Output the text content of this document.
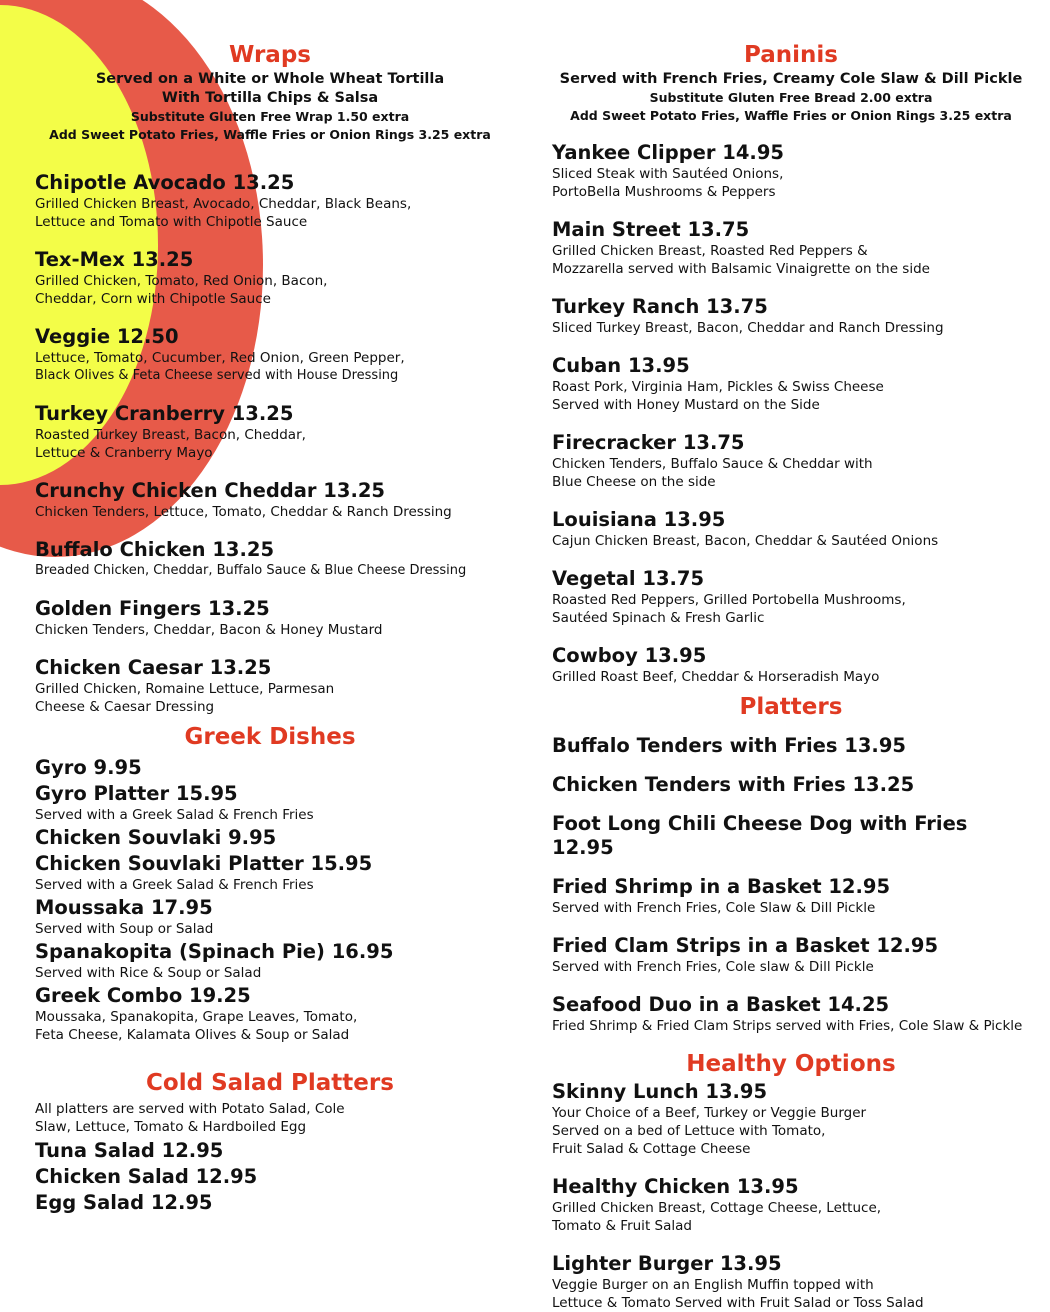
Wraps
Served on a White or Whole Wheat Tortilla
With Tortilla Chips & Salsa
Substitute Gluten Free Wrap 1.50 extra
Add Sweet Potato Fries, Waffle Fries or Onion Rings 3.25 extra
Chipotle Avocado 13.25
Grilled Chicken Breast, Avocado, Cheddar, Black Beans,
Lettuce and Tomato with Chipotle Sauce
Tex-Mex 13.25
Grilled Chicken, Tomato, Red Onion, Bacon,
Cheddar, Corn with Chipotle Sauce
Veggie 12.50
Lettuce, Tomato, Cucumber, Red Onion, Green Pepper,
Black Olives & Feta Cheese served with House Dressing
Turkey Cranberry 13.25
Roasted Turkey Breast, Bacon, Cheddar,
Lettuce & Cranberry Mayo
Crunchy Chicken Cheddar 13.25
Chicken Tenders, Lettuce, Tomato, Cheddar & Ranch Dressing
Buffalo Chicken 13.25
Breaded Chicken, Cheddar, Buffalo Sauce & Blue Cheese Dressing
Golden Fingers 13.25
Chicken Tenders, Cheddar, Bacon & Honey Mustard
Chicken Caesar 13.25
Grilled Chicken, Romaine Lettuce, Parmesan
Cheese & Caesar Dressing
Greek Dishes
Gyro 9.95
Gyro Platter 15.95
Served with a Greek Salad & French Fries
Chicken Souvlaki 9.95
Chicken Souvlaki Platter 15.95
Served with a Greek Salad & French Fries
Moussaka 17.95
Served with Soup or Salad
Spanakopita (Spinach Pie) 16.95
Served with Rice & Soup or Salad
Greek Combo 19.25
Moussaka, Spanakopita, Grape Leaves, Tomato,
Feta Cheese, Kalamata Olives & Soup or Salad
Cold Salad Platters
All platters are served with Potato Salad, Cole
Slaw, Lettuce, Tomato & Hardboiled Egg
Tuna Salad 12.95
Chicken Salad 12.95
Egg Salad 12.95
Paninis
Served with French Fries, Creamy Cole Slaw & Dill Pickle
Substitute Gluten Free Bread 2.00 extra
Add Sweet Potato Fries, Waffle Fries or Onion Rings 3.25 extra
Yankee Clipper 14.95
Sliced Steak with Sautéed Onions,
PortoBella Mushrooms & Peppers
Main Street 13.75
Grilled Chicken Breast, Roasted Red Peppers &
Mozzarella served with Balsamic Vinaigrette on the side
Turkey Ranch 13.75
Sliced Turkey Breast, Bacon, Cheddar and Ranch Dressing
Cuban 13.95
Roast Pork, Virginia Ham, Pickles & Swiss Cheese
Served with Honey Mustard on the Side
Firecracker 13.75
Chicken Tenders, Buffalo Sauce & Cheddar with
Blue Cheese on the side
Louisiana 13.95
Cajun Chicken Breast, Bacon, Cheddar & Sautéed Onions
Vegetal 13.75
Roasted Red Peppers, Grilled Portobella Mushrooms,
Sautéed Spinach & Fresh Garlic
Cowboy 13.95
Grilled Roast Beef, Cheddar & Horseradish Mayo
Platters
Buffalo Tenders with Fries 13.95
Chicken Tenders with Fries 13.25
Foot Long Chili Cheese Dog with Fries 12.95
Fried Shrimp in a Basket 12.95
Served with French Fries, Cole Slaw & Dill Pickle
Fried Clam Strips in a Basket 12.95
Served with French Fries, Cole slaw & Dill Pickle
Seafood Duo in a Basket 14.25
Fried Shrimp & Fried Clam Strips served with Fries, Cole Slaw & Pickle
Healthy Options
Skinny Lunch 13.95
Your Choice of a Beef, Turkey or Veggie Burger
Served on a bed of Lettuce with Tomato,
Fruit Salad & Cottage Cheese
Healthy Chicken 13.95
Grilled Chicken Breast, Cottage Cheese, Lettuce,
Tomato & Fruit Salad
Lighter Burger 13.95
Veggie Burger on an English Muffin topped with
Lettuce & Tomato Served with Fruit Salad or Toss Salad
